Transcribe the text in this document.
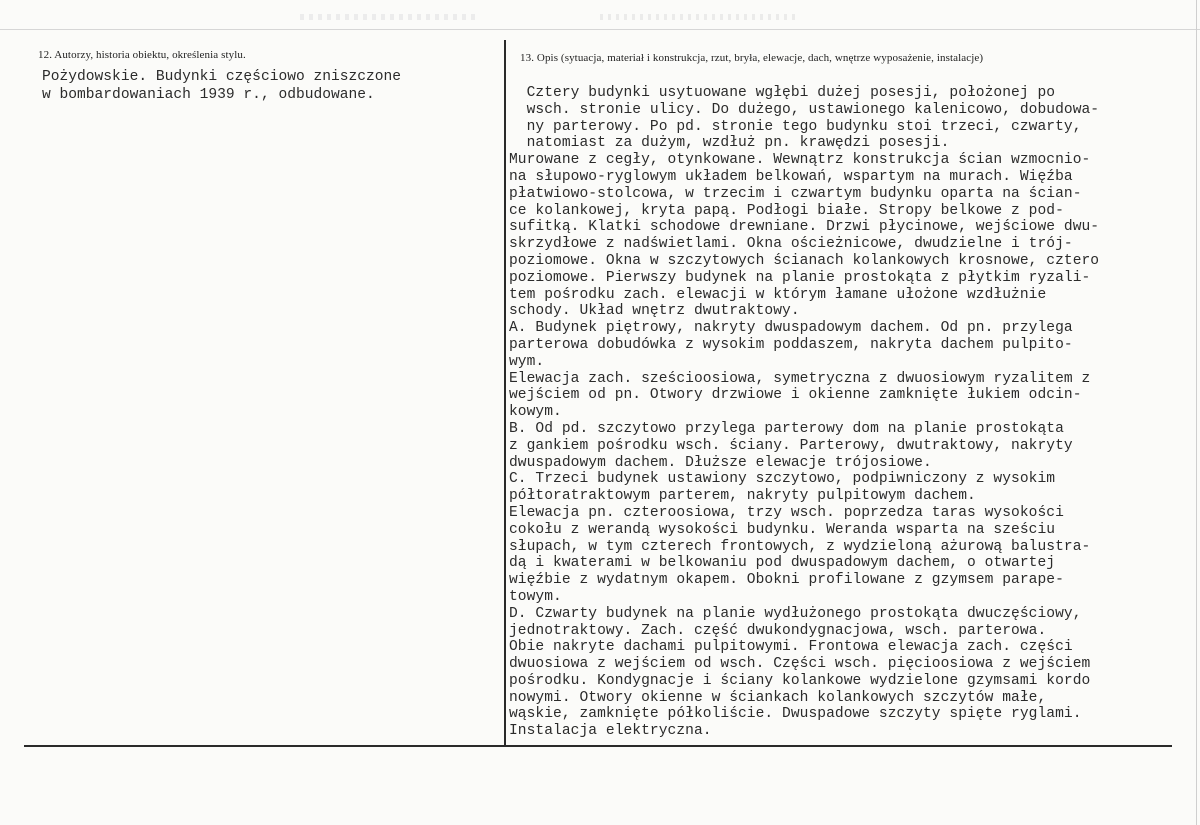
12. Autorzy, historia obiektu, określenia stylu.
Pożydowskie. Budynki częściowo zniszczone
w bombardowaniach 1939 r., odbudowane.
13. Opis (sytuacja, materiał i konstrukcja, rzut, bryła, elewacje, dach, wnętrze wyposażenie, instalacje)
Cztery budynki usytuowane wgłębi dużej posesji, położonej po
wsch. stronie ulicy. Do dużego, ustawionego kalenicowo, dobudowa-
ny parterowy. Po pd. stronie tego budynku stoi trzeci, czwarty,
natomiast za dużym, wzdłuż pn. krawędzi posesji.
Murowane z cegły, otynkowane. Wewnątrz konstrukcja ścian wzmocnio-
na słupowo-ryglowym układem belkowań, wspartym na murach. Więźba
płatwiowo-stolcowa, w trzecim i czwartym budynku oparta na ścian-
ce kolankowej, kryta papą. Podłogi białe. Stropy belkowe z pod-
sufitką. Klatki schodowe drewniane. Drzwi płycinowe, wejściowe dwu-
skrzydłowe z nadświetlami. Okna ościeżnicowe, dwudzielne i trój-
poziomowe. Okna w szczytowych ścianach kolankowych krosnowe, cztero
poziomowe. Pierwszy budynek na planie prostokąta z płytkim ryzali-
tem pośrodku zach. elewacji w którym łamane ułożone wzdłużnie
schody. Układ wnętrz dwutraktowy.
A. Budynek piętrowy, nakryty dwuspadowym dachem. Od pn. przylega
parterowa dobudówka z wysokim poddaszem, nakryta dachem pulpito-
wym.
Elewacja zach. sześcioosiowa, symetryczna z dwuosiowym ryzalitem z
wejściem od pn. Otwory drzwiowe i okienne zamknięte łukiem odcin-
kowym.
B. Od pd. szczytowo przylega parterowy dom na planie prostokąta
z gankiem pośrodku wsch. ściany. Parterowy, dwutraktowy, nakryty
dwuspadowym dachem. Dłuższe elewacje trójosiowe.
C. Trzeci budynek ustawiony szczytowo, podpiwniczony z wysokim
półtoratraktowym parterem, nakryty pulpitowym dachem.
Elewacja pn. czteroosiowa, trzy wsch. poprzedza taras wysokości
cokołu z werandą wysokości budynku. Weranda wsparta na sześciu
słupach, w tym czterech frontowych, z wydzieloną ażurową balustra-
dą i kwaterami w belkowaniu pod dwuspadowym dachem, o otwartej
więźbie z wydatnym okapem. Obokni profilowane z gzymsem parape-
towym.
D. Czwarty budynek na planie wydłużonego prostokąta dwuczęściowy,
jednotraktowy. Zach. część dwukondygnacjowa, wsch. parterowa.
Obie nakryte dachami pulpitowymi. Frontowa elewacja zach. części
dwuosiowa z wejściem od wsch. Części wsch. pięcioosiowa z wejściem
pośrodku. Kondygnacje i ściany kolankowe wydzielone gzymsami kordo
nowymi. Otwory okienne w ściankach kolankowych szczytów małe,
wąskie, zamknięte półkoliście. Dwuspadowe szczyty spięte ryglami.
Instalacja elektryczna.
